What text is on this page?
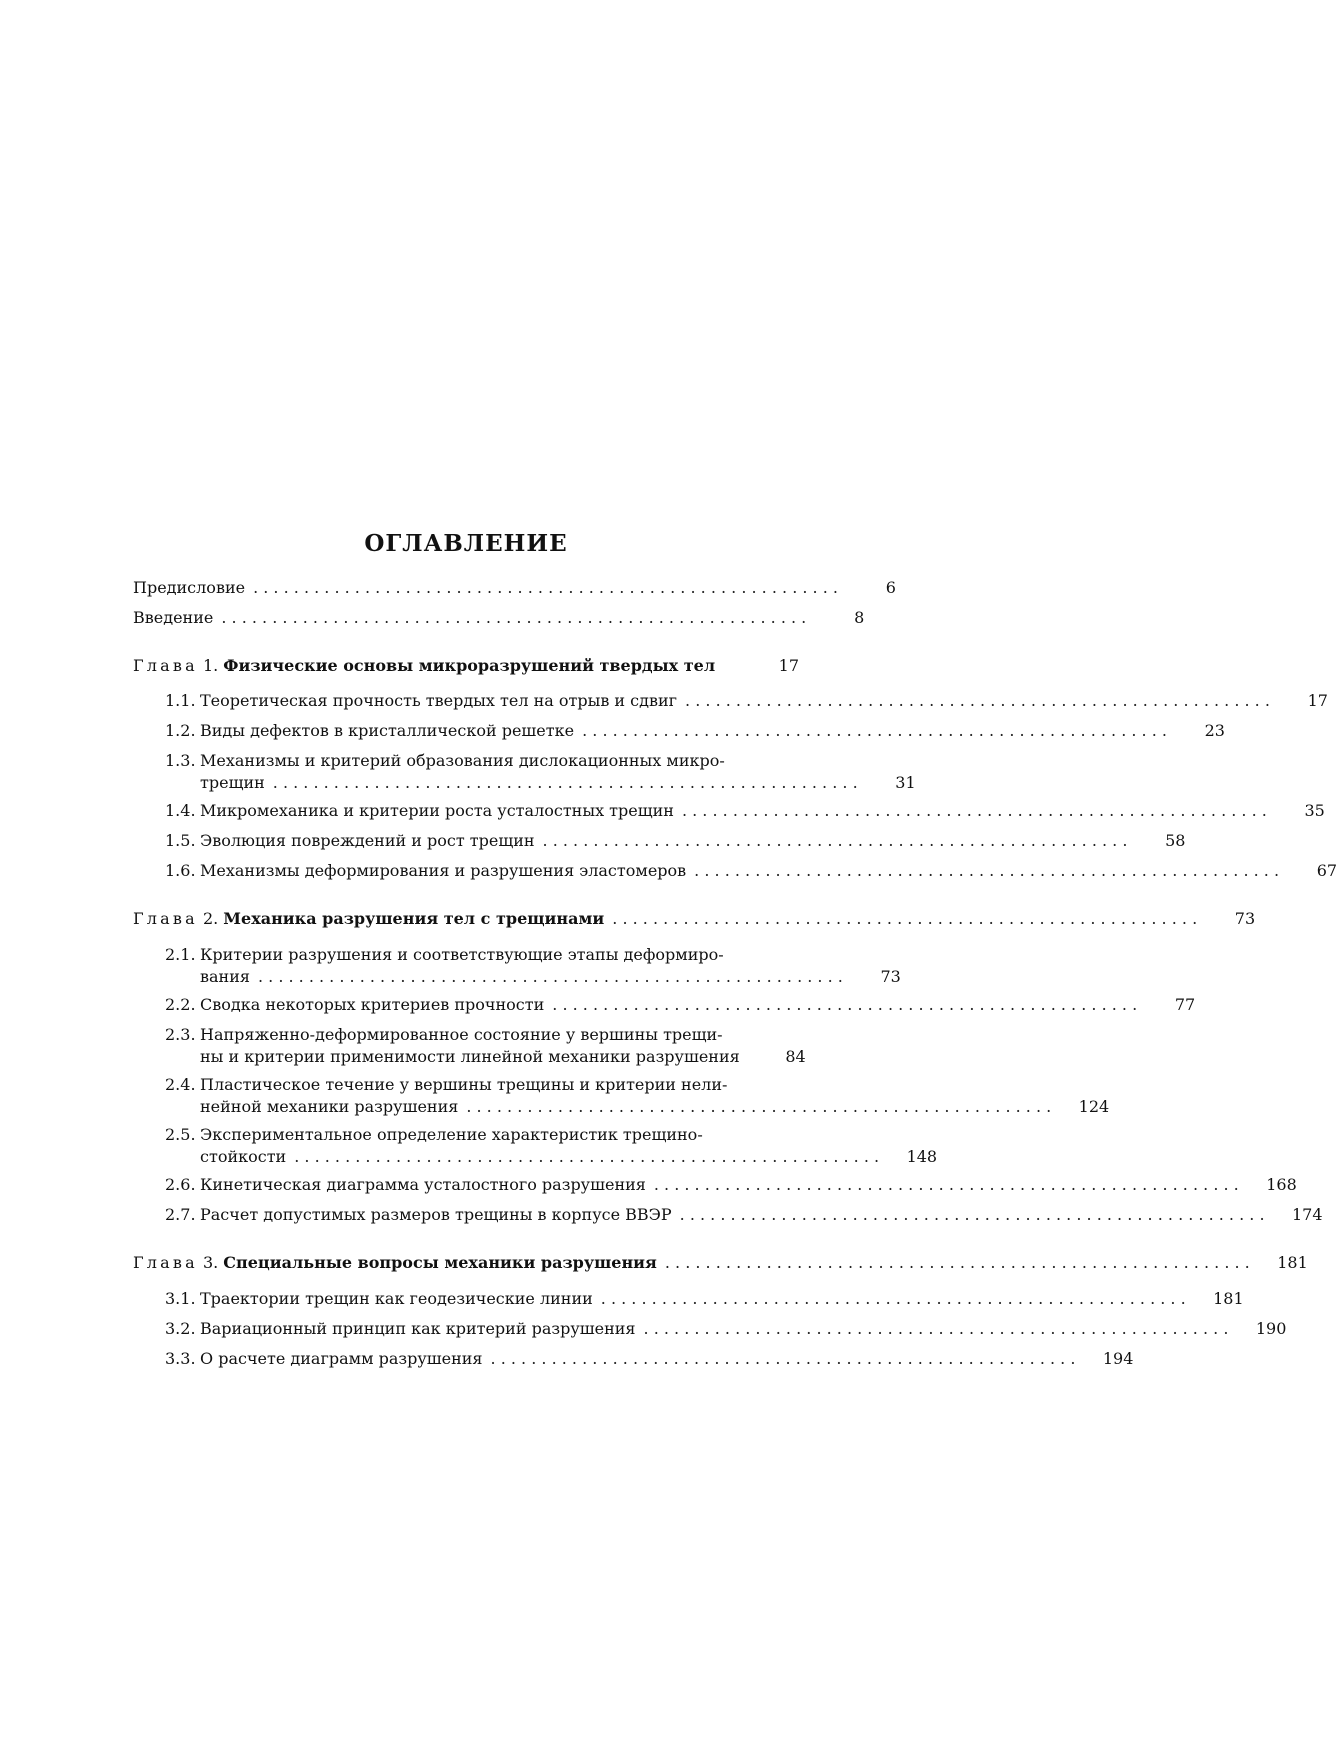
ОГЛАВЛЕНИЕ
Предисловие . . . . . . . . . . . . . . . . . . . . . . . . . . . . . . . . . . . . . . . . . . . . . . . . . . . . . . . . . .	6
Введение . . . . . . . . . . . . . . . . . . . . . . . . . . . . . . . . . . . . . . . . . . . . . . . . . . . . . . . . . .	8
Глава 1. Физические основы микроразрушений твердых тел	17
1.1. Теоретическая прочность твердых тел на отрыв и сдвиг . . . . . . . . . . . . . . . . . . . . . . . . . . . . . . . . . . . . . . . . . . . . . . . . . . . . . . . . . .	17
1.2. Виды дефектов в кристаллической решетке . . . . . . . . . . . . . . . . . . . . . . . . . . . . . . . . . . . . . . . . . . . . . . . . . . . . . . . . . .	23
1.3. Механизмы и критерий образования дислокационных микро-
трещин . . . . . . . . . . . . . . . . . . . . . . . . . . . . . . . . . . . . . . . . . . . . . . . . . . . . . . . . . .	31
1.4. Микромеханика и критерии роста усталостных трещин . . . . . . . . . . . . . . . . . . . . . . . . . . . . . . . . . . . . . . . . . . . . . . . . . . . . . . . . . .	35
1.5. Эволюция повреждений и рост трещин . . . . . . . . . . . . . . . . . . . . . . . . . . . . . . . . . . . . . . . . . . . . . . . . . . . . . . . . . .	58
1.6. Механизмы деформирования и разрушения эластомеров . . . . . . . . . . . . . . . . . . . . . . . . . . . . . . . . . . . . . . . . . . . . . . . . . . . . . . . . . .	67
Глава 2. Механика разрушения тел с трещинами . . . . . . . . . . . . . . . . . . . . . . . . . . . . . . . . . . . . . . . . . . . . . . . . . . . . . . . . . .	73
2.1. Критерии разрушения и соответствующие этапы деформиро-
вания . . . . . . . . . . . . . . . . . . . . . . . . . . . . . . . . . . . . . . . . . . . . . . . . . . . . . . . . . .	73
2.2. Сводка некоторых критериев прочности . . . . . . . . . . . . . . . . . . . . . . . . . . . . . . . . . . . . . . . . . . . . . . . . . . . . . . . . . .	77
2.3. Напряженно-деформированное состояние у вершины трещи-
ны и критерии применимости линейной механики разрушения	84
2.4. Пластическое течение у вершины трещины и критерии нели-
нейной механики разрушения . . . . . . . . . . . . . . . . . . . . . . . . . . . . . . . . . . . . . . . . . . . . . . . . . . . . . . . . . .	124
2.5. Экспериментальное определение характеристик трещино-
стойкости . . . . . . . . . . . . . . . . . . . . . . . . . . . . . . . . . . . . . . . . . . . . . . . . . . . . . . . . . .	148
2.6. Кинетическая диаграмма усталостного разрушения . . . . . . . . . . . . . . . . . . . . . . . . . . . . . . . . . . . . . . . . . . . . . . . . . . . . . . . . . .	168
2.7. Расчет допустимых размеров трещины в корпусе ВВЭР . . . . . . . . . . . . . . . . . . . . . . . . . . . . . . . . . . . . . . . . . . . . . . . . . . . . . . . . . .	174
Глава 3. Специальные вопросы механики разрушения . . . . . . . . . . . . . . . . . . . . . . . . . . . . . . . . . . . . . . . . . . . . . . . . . . . . . . . . . .	181
3.1. Траектории трещин как геодезические линии . . . . . . . . . . . . . . . . . . . . . . . . . . . . . . . . . . . . . . . . . . . . . . . . . . . . . . . . . .	181
3.2. Вариационный принцип как критерий разрушения . . . . . . . . . . . . . . . . . . . . . . . . . . . . . . . . . . . . . . . . . . . . . . . . . . . . . . . . . .	190
3.3. О расчете диаграмм разрушения . . . . . . . . . . . . . . . . . . . . . . . . . . . . . . . . . . . . . . . . . . . . . . . . . . . . . . . . . .	194
